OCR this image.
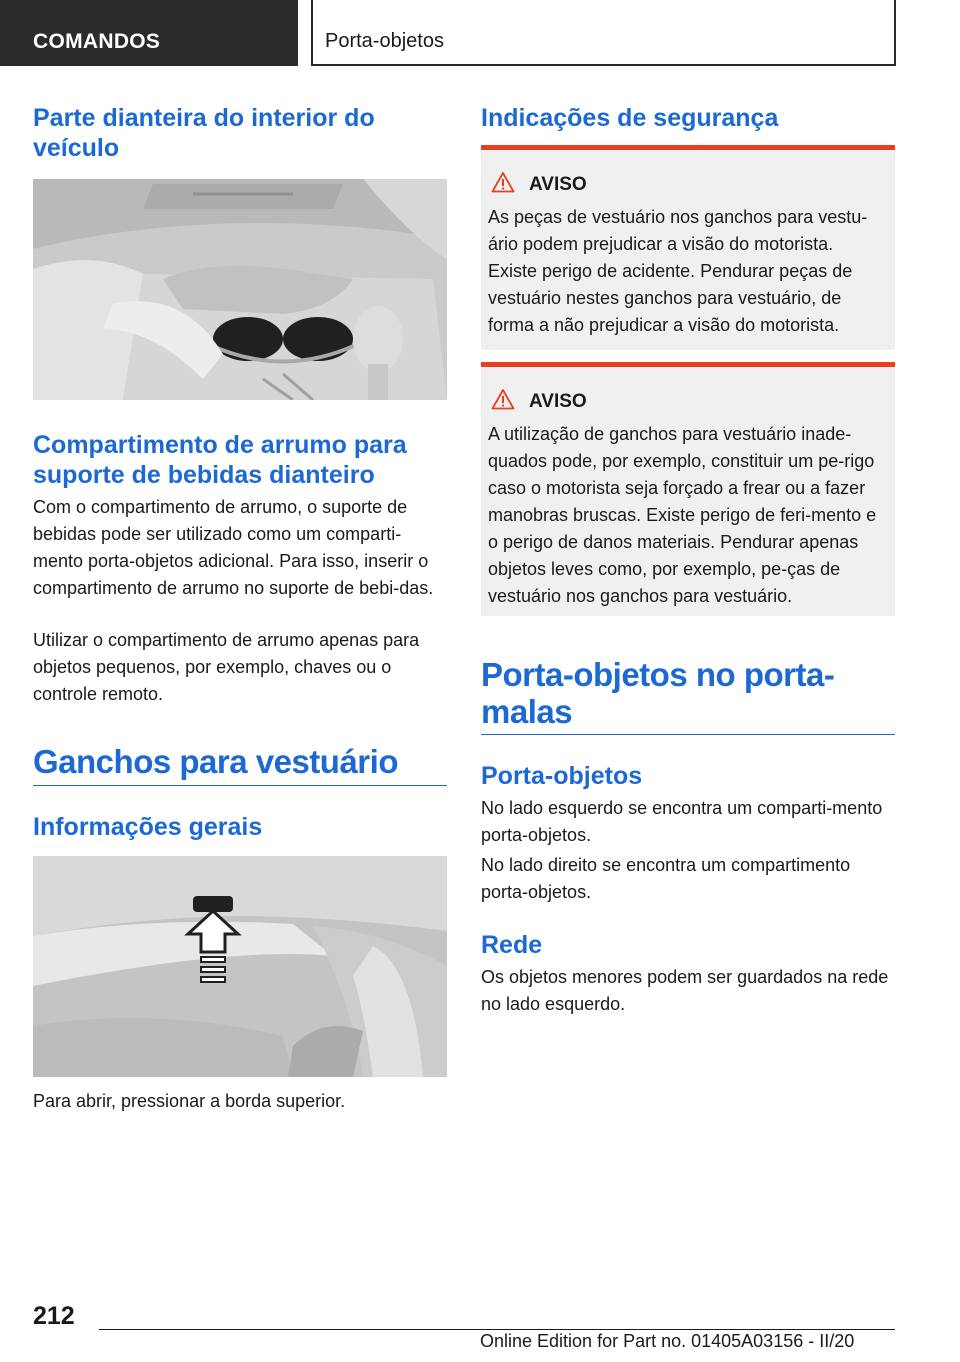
COMANDOS	Porta-objetos
Parte dianteira do interior do veículo
Compartimento de arrumo para suporte de bebidas dianteiro

Com o compartimento de arrumo, o suporte de bebidas pode ser utilizado como um comparti-mento porta-objetos adicional. Para isso, inserir o compartimento de arrumo no suporte de bebi-das.

Utilizar o compartimento de arrumo apenas para objetos pequenos, por exemplo, chaves ou o controle remoto.

Ganchos para vestuário
Informações gerais

Para abrir, pressionar a borda superior.

Indicações de segurança
AVISO
As peças de vestuário nos ganchos para vestu-ário podem prejudicar a visão do motorista. Existe perigo de acidente. Pendurar peças de vestuário nestes ganchos para vestuário, de forma a não prejudicar a visão do motorista.
AVISO
A utilização de ganchos para vestuário inade-quados pode, por exemplo, constituir um pe-rigo caso o motorista seja forçado a frear ou a fazer manobras bruscas. Existe perigo de feri-mento e o perigo de danos materiais. Pendurar apenas objetos leves como, por exemplo, pe-ças de vestuário nos ganchos para vestuário.
Porta-objetos no porta-malas
Porta-objetos

No lado esquerdo se encontra um comparti-mento porta-objetos.

No lado direito se encontra um compartimento porta-objetos.

Rede

Os objetos menores podem ser guardados na rede no lado esquerdo.

212
Online Edition for Part no. 01405A03156 - II/20
